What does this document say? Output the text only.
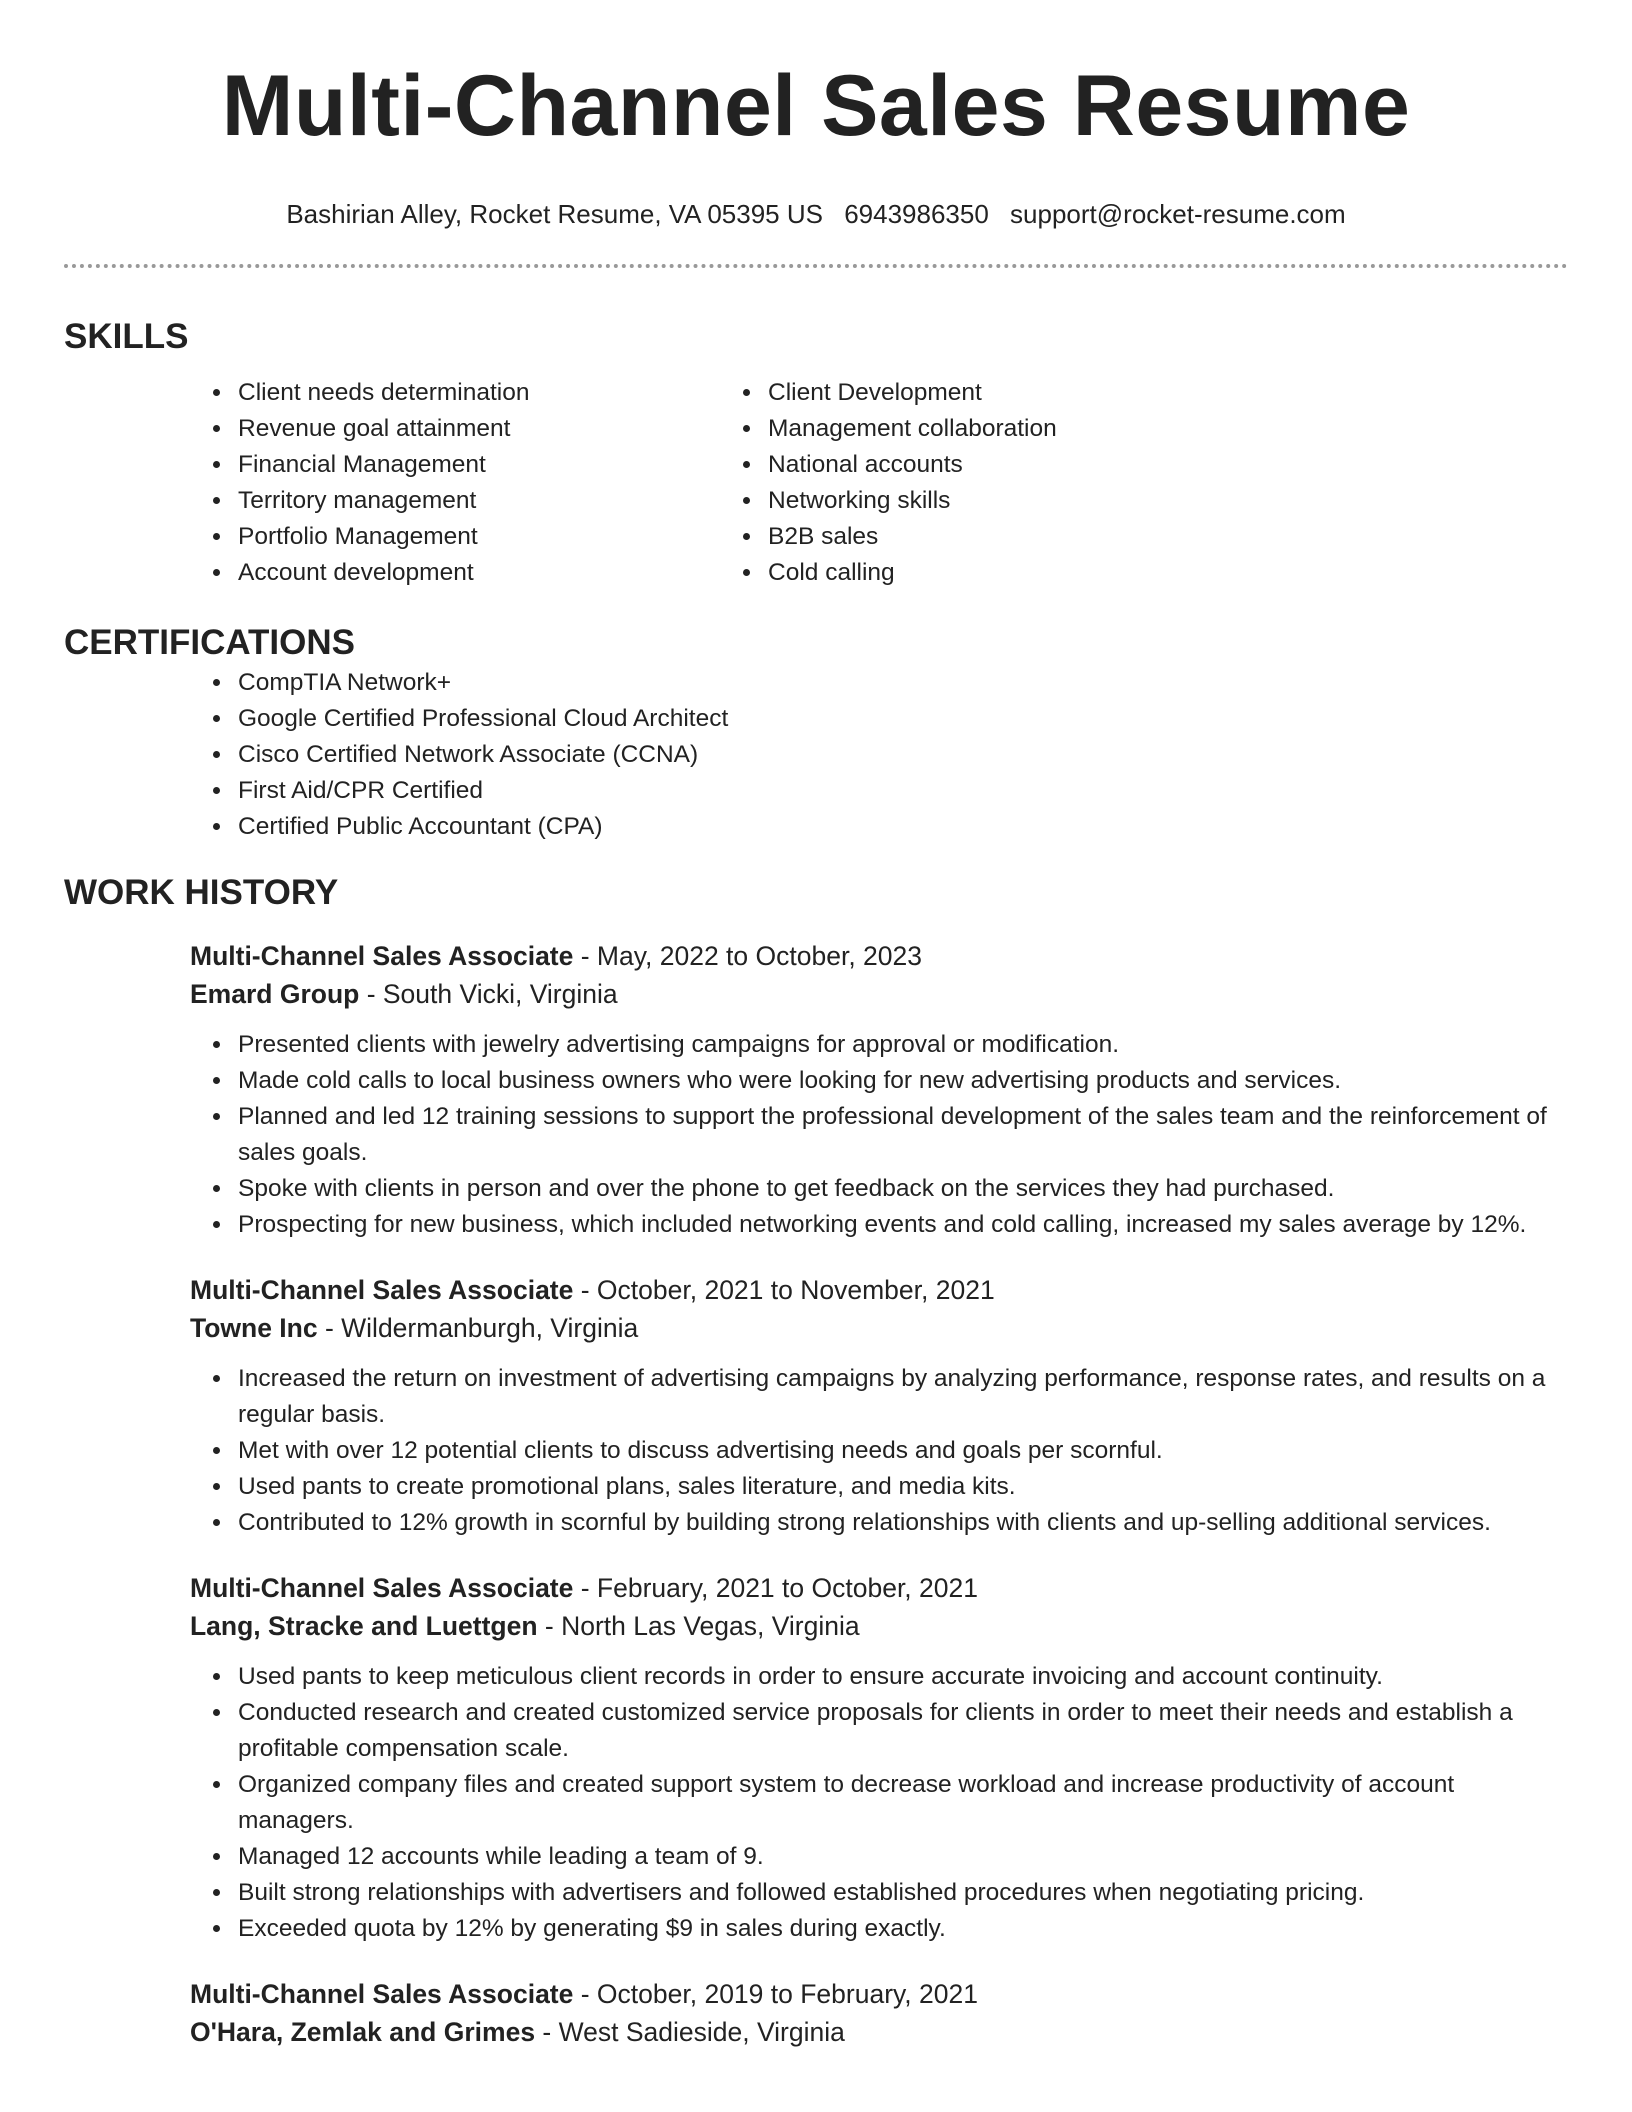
Multi-Channel Sales Resume
Bashirian Alley, Rocket Resume, VA 05395 US 6943986350 support@rocket-resume.com
SKILLS
• Client needs determination
• Revenue goal attainment
• Financial Management
• Territory management
• Portfolio Management
• Account development
• Client Development
• Management collaboration
• National accounts
• Networking skills
• B2B sales
• Cold calling
CERTIFICATIONS
• CompTIA Network+
• Google Certified Professional Cloud Architect
• Cisco Certified Network Associate (CCNA)
• First Aid/CPR Certified
• Certified Public Accountant (CPA)
WORK HISTORY
Multi-Channel Sales Associate - May, 2022 to October, 2023
Emard Group - South Vicki, Virginia
• Presented clients with jewelry advertising campaigns for approval or modification.
• Made cold calls to local business owners who were looking for new advertising products and services.
• Planned and led 12 training sessions to support the professional development of the sales team and the reinforcement of sales goals.
• Spoke with clients in person and over the phone to get feedback on the services they had purchased.
• Prospecting for new business, which included networking events and cold calling, increased my sales average by 12%.
Multi-Channel Sales Associate - October, 2021 to November, 2021
Towne Inc - Wildermanburgh, Virginia
• Increased the return on investment of advertising campaigns by analyzing performance, response rates, and results on a regular basis.
• Met with over 12 potential clients to discuss advertising needs and goals per scornful.
• Used pants to create promotional plans, sales literature, and media kits.
• Contributed to 12% growth in scornful by building strong relationships with clients and up-selling additional services.
Multi-Channel Sales Associate - February, 2021 to October, 2021
Lang, Stracke and Luettgen - North Las Vegas, Virginia
• Used pants to keep meticulous client records in order to ensure accurate invoicing and account continuity.
• Conducted research and created customized service proposals for clients in order to meet their needs and establish a profitable compensation scale.
• Organized company files and created support system to decrease workload and increase productivity of account managers.
• Managed 12 accounts while leading a team of 9.
• Built strong relationships with advertisers and followed established procedures when negotiating pricing.
• Exceeded quota by 12% by generating $9 in sales during exactly.
Multi-Channel Sales Associate - October, 2019 to February, 2021
O'Hara, Zemlak and Grimes - West Sadieside, Virginia
